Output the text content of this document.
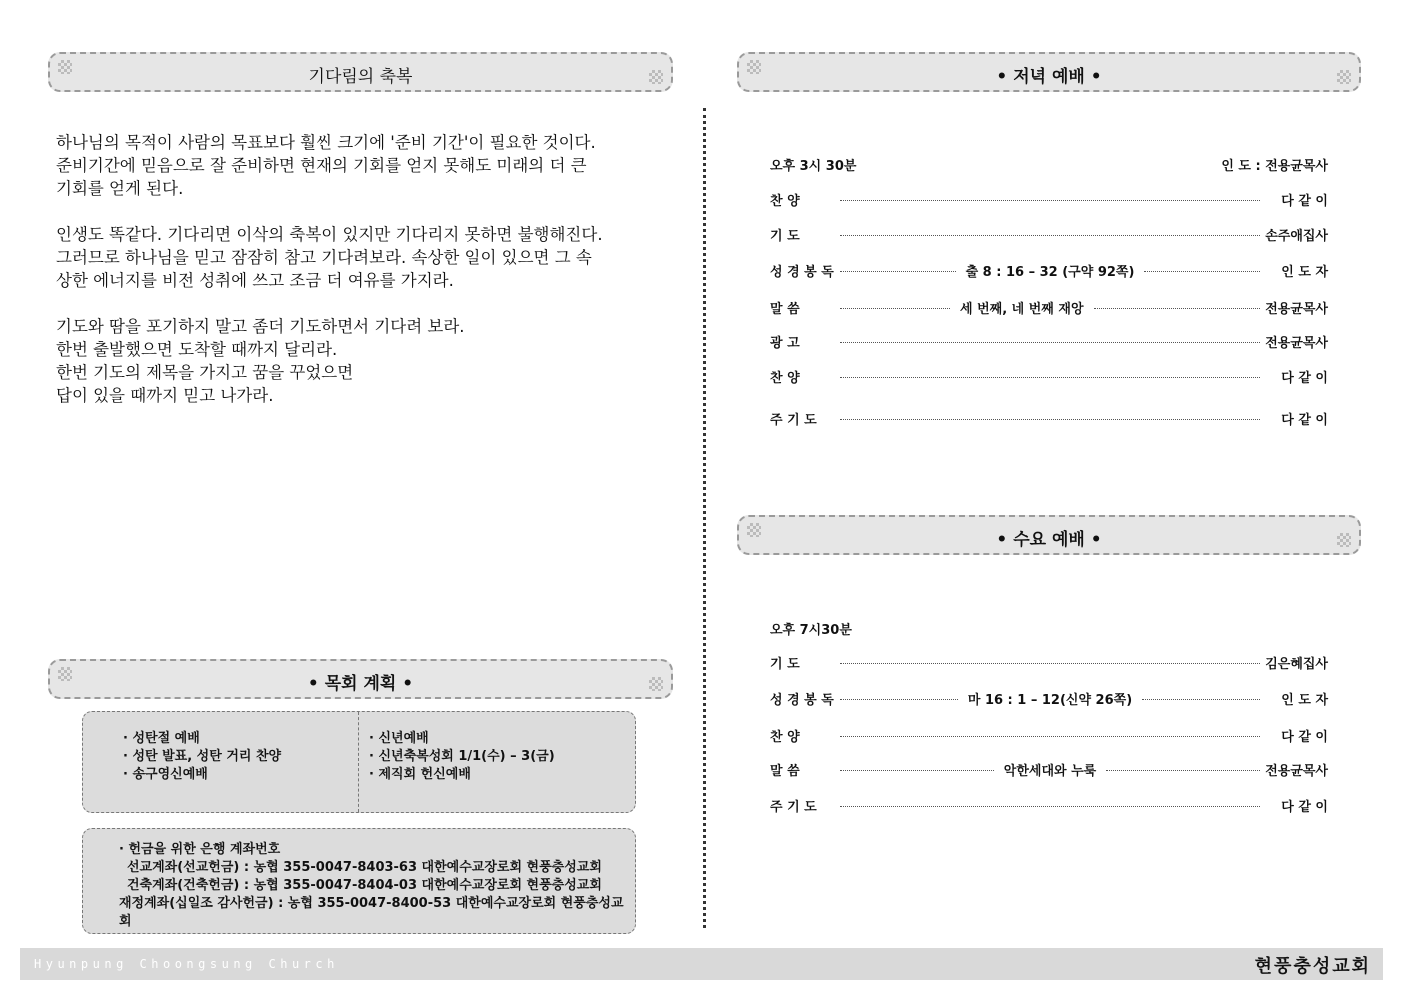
기다림의 축복

하나님의 목적이 사람의 목표보다 훨씬 크기에 '준비 기간'이 필요한 것이다.

준비기간에 믿음으로 잘 준비하면 현재의 기회를 얻지 못해도 미래의 더 큰

기회를 얻게 된다.

인생도 똑같다. 기다리면 이삭의 축복이 있지만 기다리지 못하면 불행해진다.

그러므로 하나님을 믿고 잠잠히 참고 기다려보라. 속상한 일이 있으면 그 속

상한 에너지를 비전 성취에 쓰고 조금 더 여유를 가지라.

기도와 땀을 포기하지 말고 좀더 기도하면서 기다려 보라.

한번 출발했으면 도착할 때까지 달리라.

한번 기도의 제목을 가지고 꿈을 꾸었으면

답이 있을 때까지 믿고 나가라.

• 목회 계획 •
· 성탄절 예배
· 성탄 발표, 성탄 거리 찬양
· 송구영신예배
· 신년예배
· 신년축복성회 1/1(수) – 3(금)
· 제직회 헌신예배
· 헌금을 위한 은행 계좌번호
선교계좌(선교헌금) : 농협 355-0047-8403-63 대한예수교장로회 현풍충성교회
건축계좌(건축헌금) : 농협 355-0047-8404-03 대한예수교장로회 현풍충성교회
재정계좌(십일조 감사헌금) : 농협 355-0047-8400-53 대한예수교장로회 현풍충성교회
• 저녁 예배 •
오후 3시 30분	인 도 : 전용균목사
찬 양	다 같 이
기 도	손주애집사
성 경 봉 독	출 8 : 16 – 32 (구약 92쪽)	인 도 자
말 씀	세 번째, 네 번째 재앙	전용균목사
광 고	전용균목사
찬 양	다 같 이
주 기 도	다 같 이
• 수요 예배 •
오후 7시30분
기 도	김은혜집사
성 경 봉 독	마 16 : 1 – 12(신약 26쪽)	인 도 자
찬 양	다 같 이
말 씀	악한세대와 누룩	전용균목사
주 기 도	다 같 이
Hyunpung Choongsung Church	현풍충성교회
